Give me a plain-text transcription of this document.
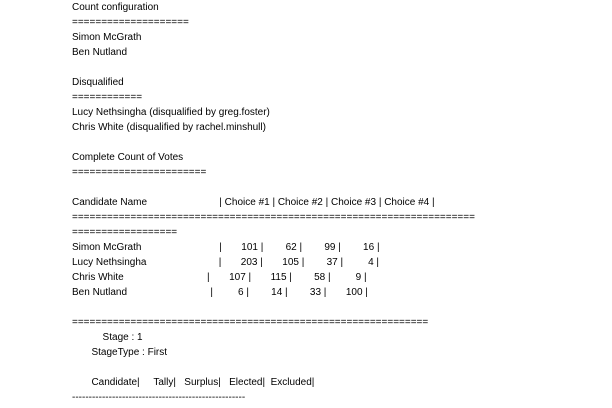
Count configuration
====================
Simon McGrath
Ben Nutland
Disqualified
============
Lucy Nethsingha (disqualified by greg.foster)
Chris White (disqualified by rachel.minshull)
Complete Count of Votes
=======================
Candidate Name                          | Choice #1 | Choice #2 | Choice #3 | Choice #4 |
=====================================================================
==================
Simon McGrath                            |       101 |        62 |        99 |        16 |
Lucy Nethsingha                          |       203 |       105 |        37 |         4 |
Chris White                              |       107 |       115 |        58 |         9 |
Ben Nutland                              |         6 |        14 |        33 |       100 |
=============================================================
Stage : 1
StageType : First
Candidate|     Tally|   Surplus|   Elected|  Excluded|
----------------------------------------------------
